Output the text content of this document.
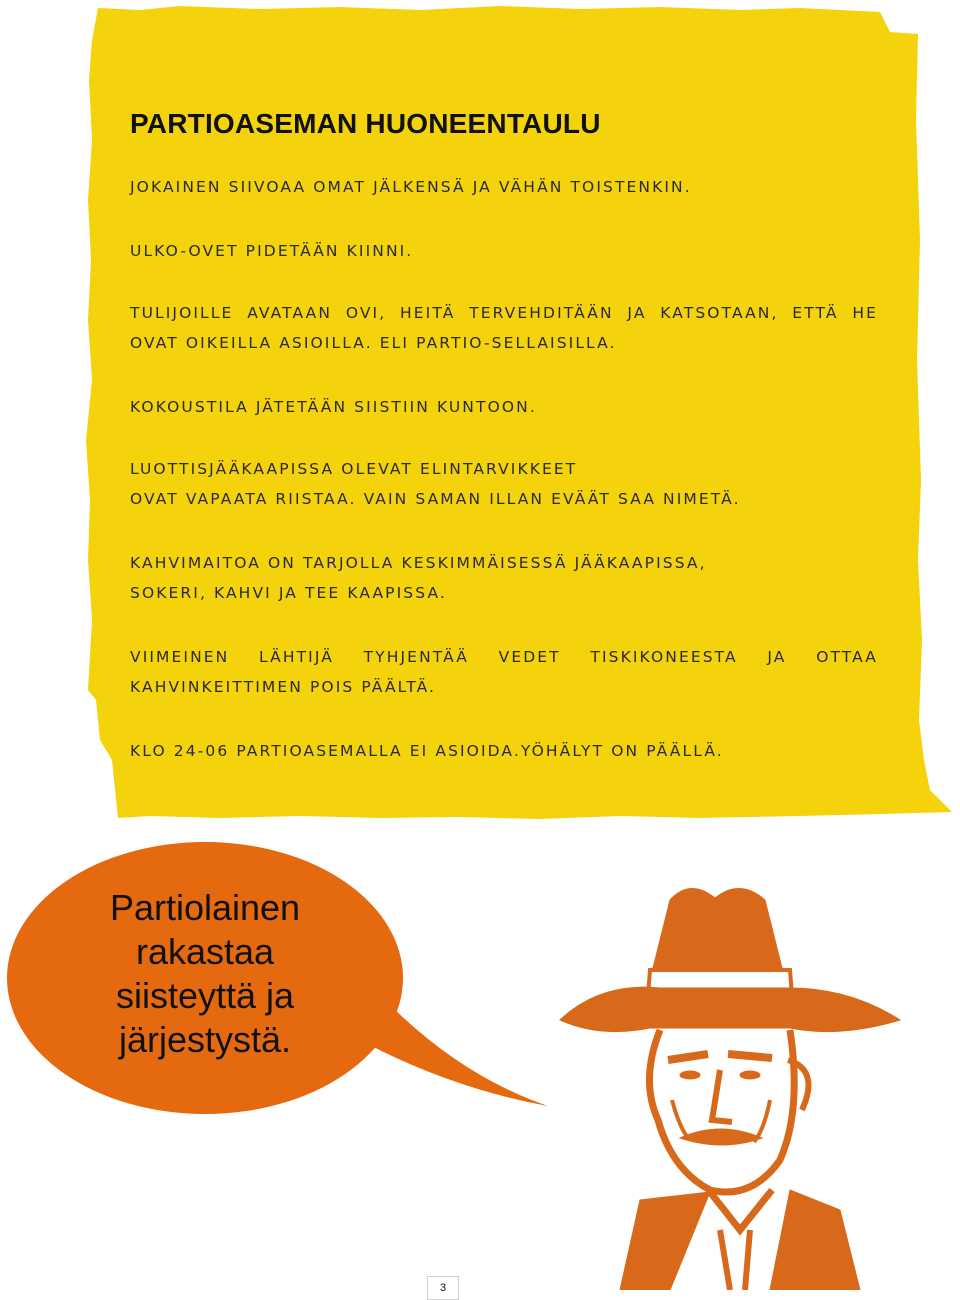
PARTIOASEMAN HUONEENTAULU
JOKAINEN SIIVOAA OMAT JÄLKENSÄ JA VÄHÄN TOISTENKIN.
ULKO-OVET PIDETÄÄN KIINNI.
TULIJOILLE AVATAAN OVI, HEITÄ TERVEHDITÄÄN JA KATSOTAAN, ETTÄ HE
OVAT OIKEILLA ASIOILLA. ELI PARTIO-SELLAISILLA.
KOKOUSTILA JÄTETÄÄN SIISTIIN KUNTOON.
LUOTTISJÄÄKAAPISSA OLEVAT ELINTARVIKKEET
OVAT VAPAATA RIISTAA. VAIN SAMAN ILLAN EVÄÄT SAA NIMETÄ.
KAHVIMAITOA ON TARJOLLA KESKIMMÄISESSÄ JÄÄKAAPISSA,
SOKERI, KAHVI JA TEE KAAPISSA.
VIIMEINEN LÄHTIJÄ TYHJENTÄÄ VEDET TISKIKONEESTA JA OTTAA
KAHVINKEITTIMEN POIS PÄÄLTÄ.
KLO 24-06 PARTIOASEMALLA EI ASIOIDA.YÖHÄLYT ON PÄÄLLÄ.
Partiolainen
rakastaa
siisteyttä ja
järjestystä.
3
